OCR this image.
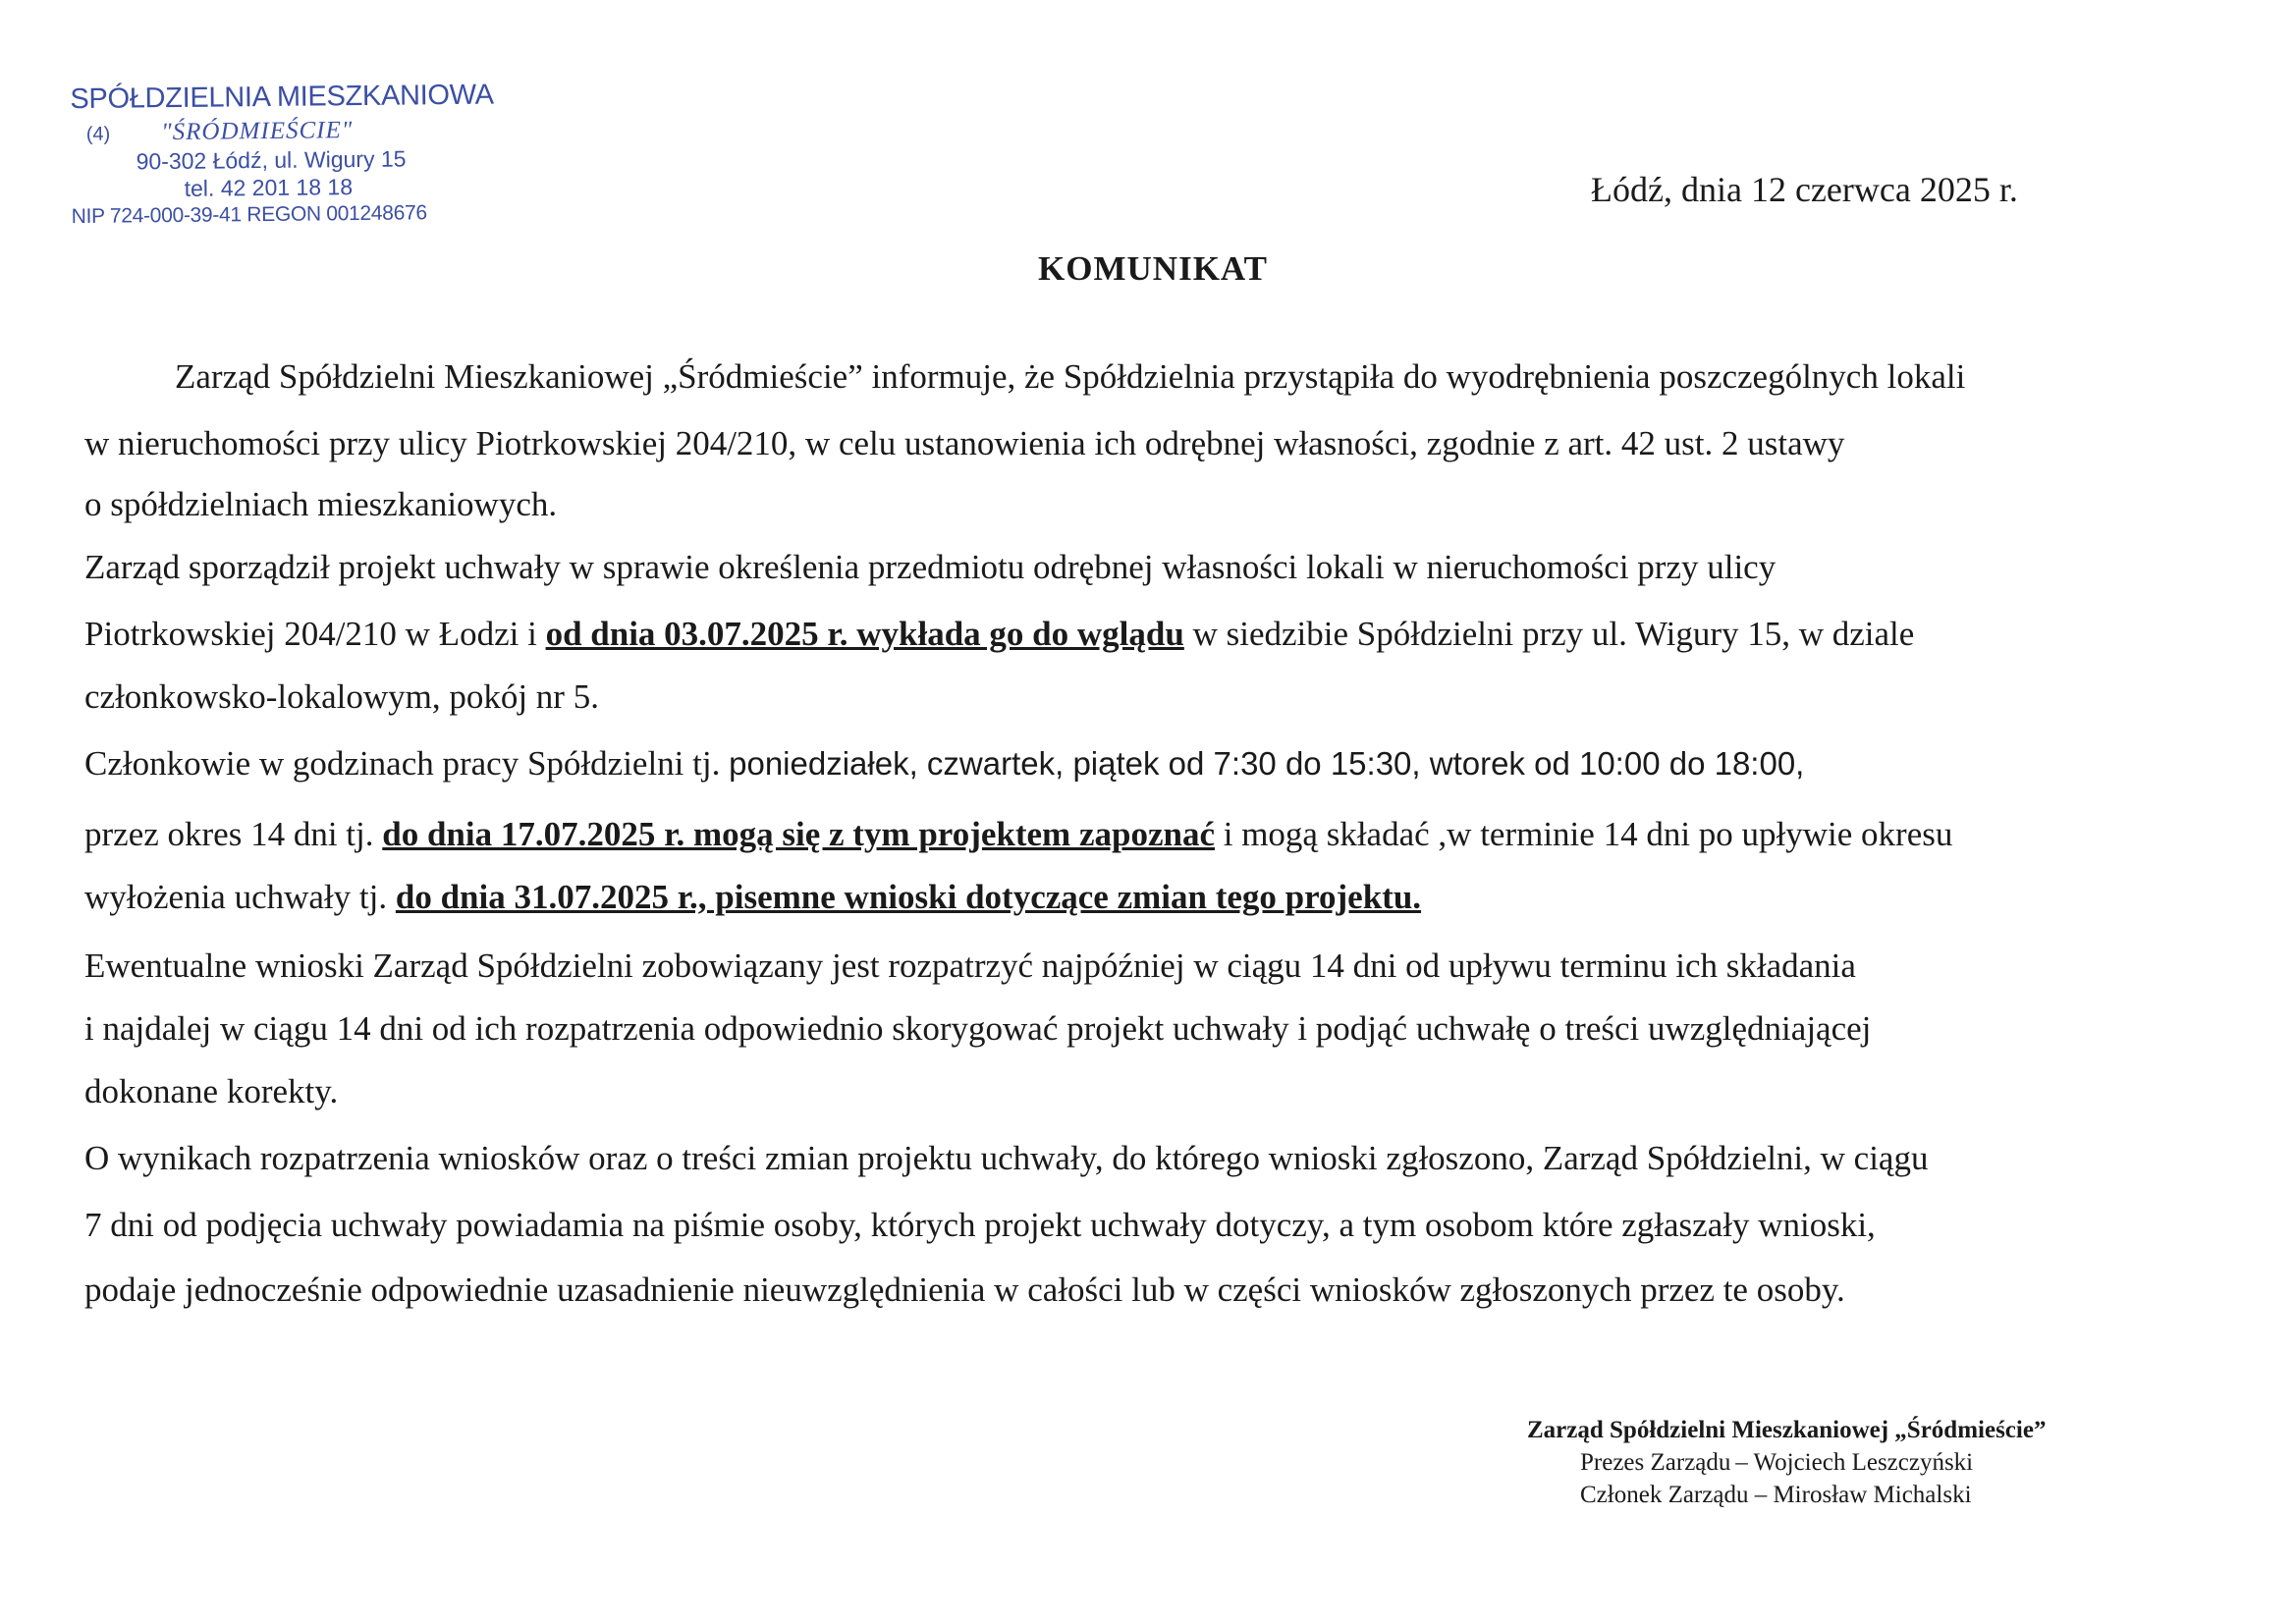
SPÓŁDZIELNIA MIESZKANIOWA
(4) "ŚRÓDMIEŚCIE"
90-302 Łódź, ul. Wigury 15
tel. 42 201 18 18
NIP 724-000-39-41 REGON 001248676
Łódź, dnia 12 czerwca 2025 r.
KOMUNIKAT
Zarząd Spółdzielni Mieszkaniowej „Śródmieście” informuje, że Spółdzielnia przystąpiła do wyodrębnienia poszczególnych lokali
w nieruchomości przy ulicy Piotrkowskiej 204/210, w celu ustanowienia ich odrębnej własności, zgodnie z art. 42 ust. 2 ustawy
o spółdzielniach mieszkaniowych.
Zarząd sporządził projekt uchwały w sprawie określenia przedmiotu odrębnej własności lokali w nieruchomości przy ulicy
Piotrkowskiej 204/210 w Łodzi i od dnia 03.07.2025 r. wykłada go do wglądu w siedzibie Spółdzielni przy ul. Wigury 15, w dziale
członkowsko-lokalowym, pokój nr 5.
Członkowie w godzinach pracy Spółdzielni tj. poniedziałek, czwartek, piątek od 7:30 do 15:30, wtorek od 10:00 do 18:00,
przez okres 14 dni tj. do dnia 17.07.2025 r. mogą się z tym projektem zapoznać i mogą składać ,w terminie 14 dni po upływie okresu
wyłożenia uchwały tj. do dnia 31.07.2025 r., pisemne wnioski dotyczące zmian tego projektu.
Ewentualne wnioski Zarząd Spółdzielni zobowiązany jest rozpatrzyć najpóźniej w ciągu 14 dni od upływu terminu ich składania
i najdalej w ciągu 14 dni od ich rozpatrzenia odpowiednio skorygować projekt uchwały i podjąć uchwałę o treści uwzględniającej
dokonane korekty.
O wynikach rozpatrzenia wniosków oraz o treści zmian projektu uchwały, do którego wnioski zgłoszono, Zarząd Spółdzielni, w ciągu
7 dni od podjęcia uchwały powiadamia na piśmie osoby, których projekt uchwały dotyczy, a tym osobom które zgłaszały wnioski,
podaje jednocześnie odpowiednie uzasadnienie nieuwzględnienia w całości lub w części wniosków zgłoszonych przez te osoby.
Zarząd Spółdzielni Mieszkaniowej „Śródmieście”
Prezes Zarządu – Wojciech Leszczyński
Członek Zarządu – Mirosław Michalski
